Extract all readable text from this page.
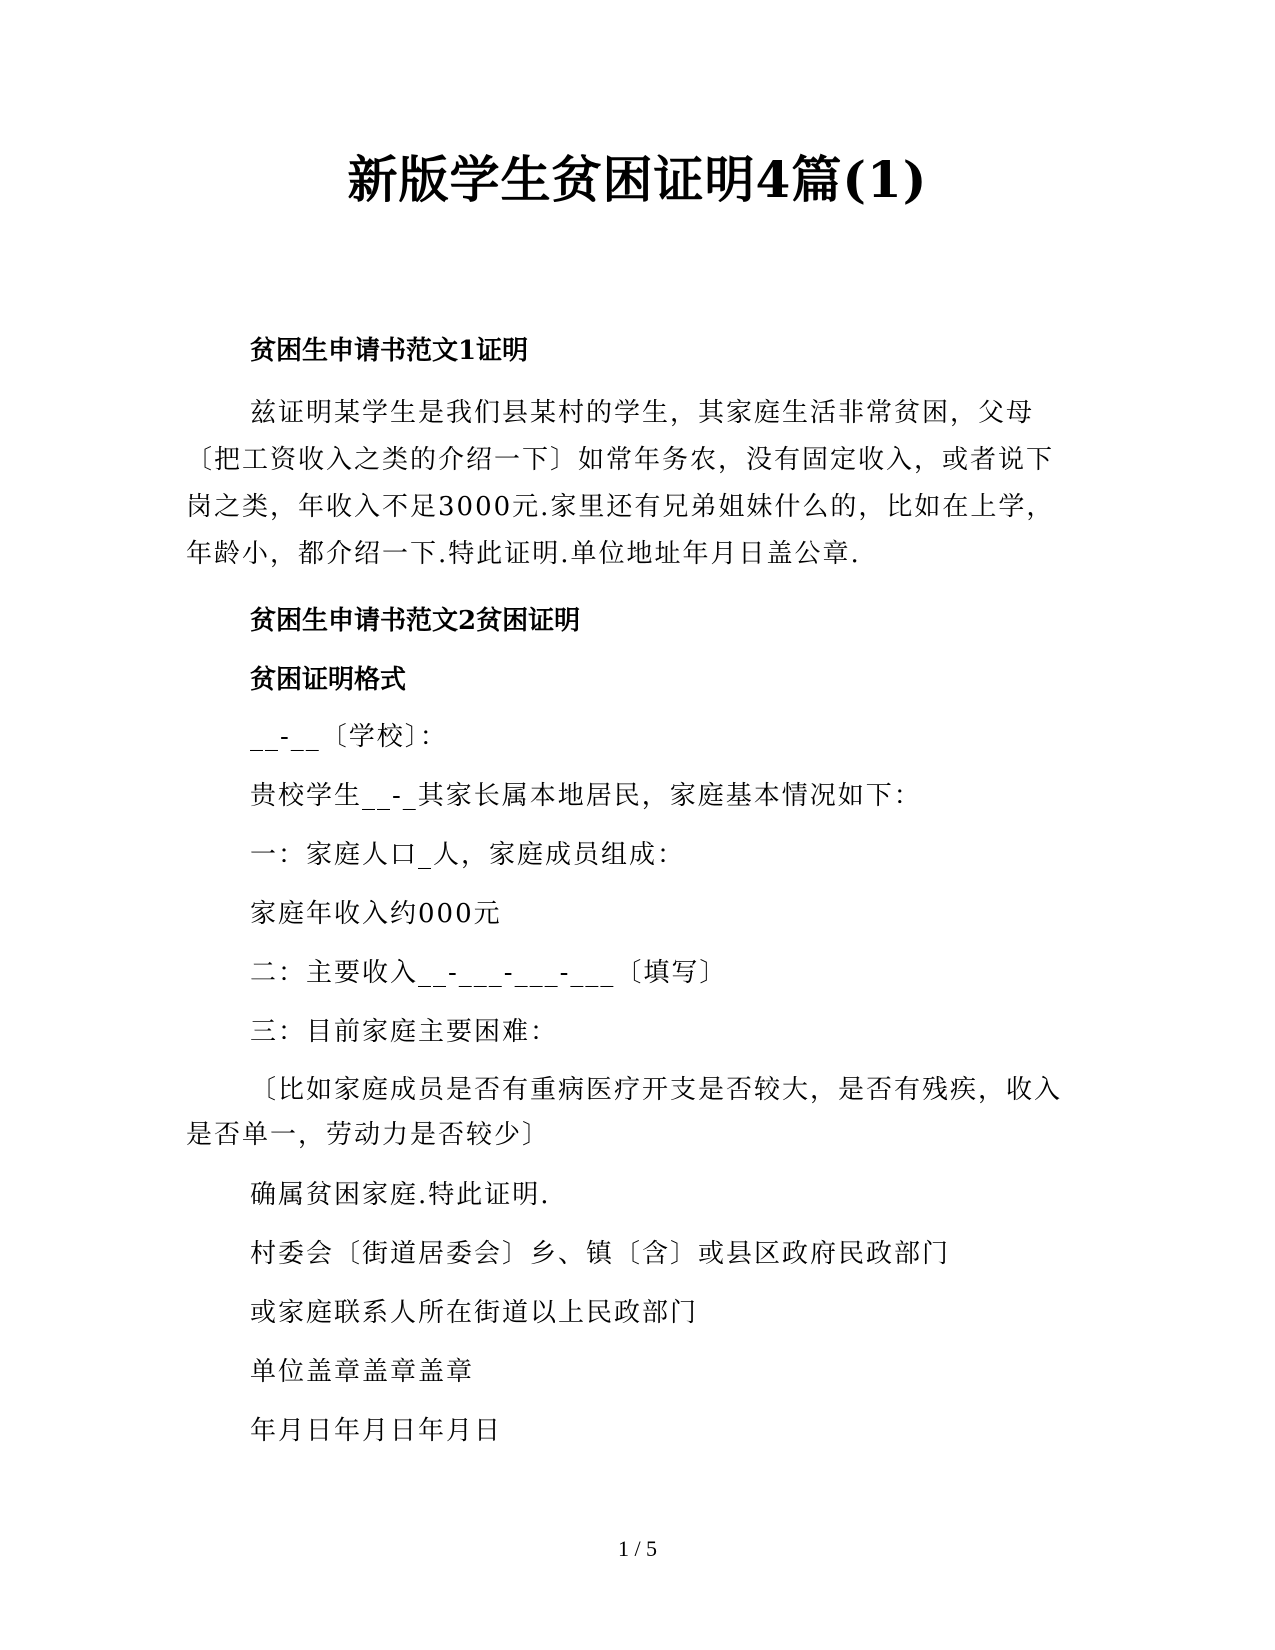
新版学生贫困证明4篇(1)

贫困生申请书范文1证明

兹证明某学生是我们县某村的学生，其家庭生活非常贫困，父母〔把工资收入之类的介绍一下〕如常年务农，没有固定收入，或者说下岗之类，年收入不足3000元.家里还有兄弟姐妹什么的，比如在上学，年龄小，都介绍一下.特此证明.单位地址年月日盖公章.

贫困生申请书范文2贫困证明

贫困证明格式

__-__〔学校〕：

贵校学生__-_其家长属本地居民，家庭基本情况如下：

一：家庭人口_人，家庭成员组成：

家庭年收入约000元

二：主要收入__-___-___-___〔填写〕

三：目前家庭主要困难：

〔比如家庭成员是否有重病医疗开支是否较大，是否有残疾，收入是否单一，劳动力是否较少〕

确属贫困家庭.特此证明.

村委会〔街道居委会〕乡、镇〔含〕或县区政府民政部门

或家庭联系人所在街道以上民政部门

单位盖章盖章盖章

年月日年月日年月日

1 / 5
